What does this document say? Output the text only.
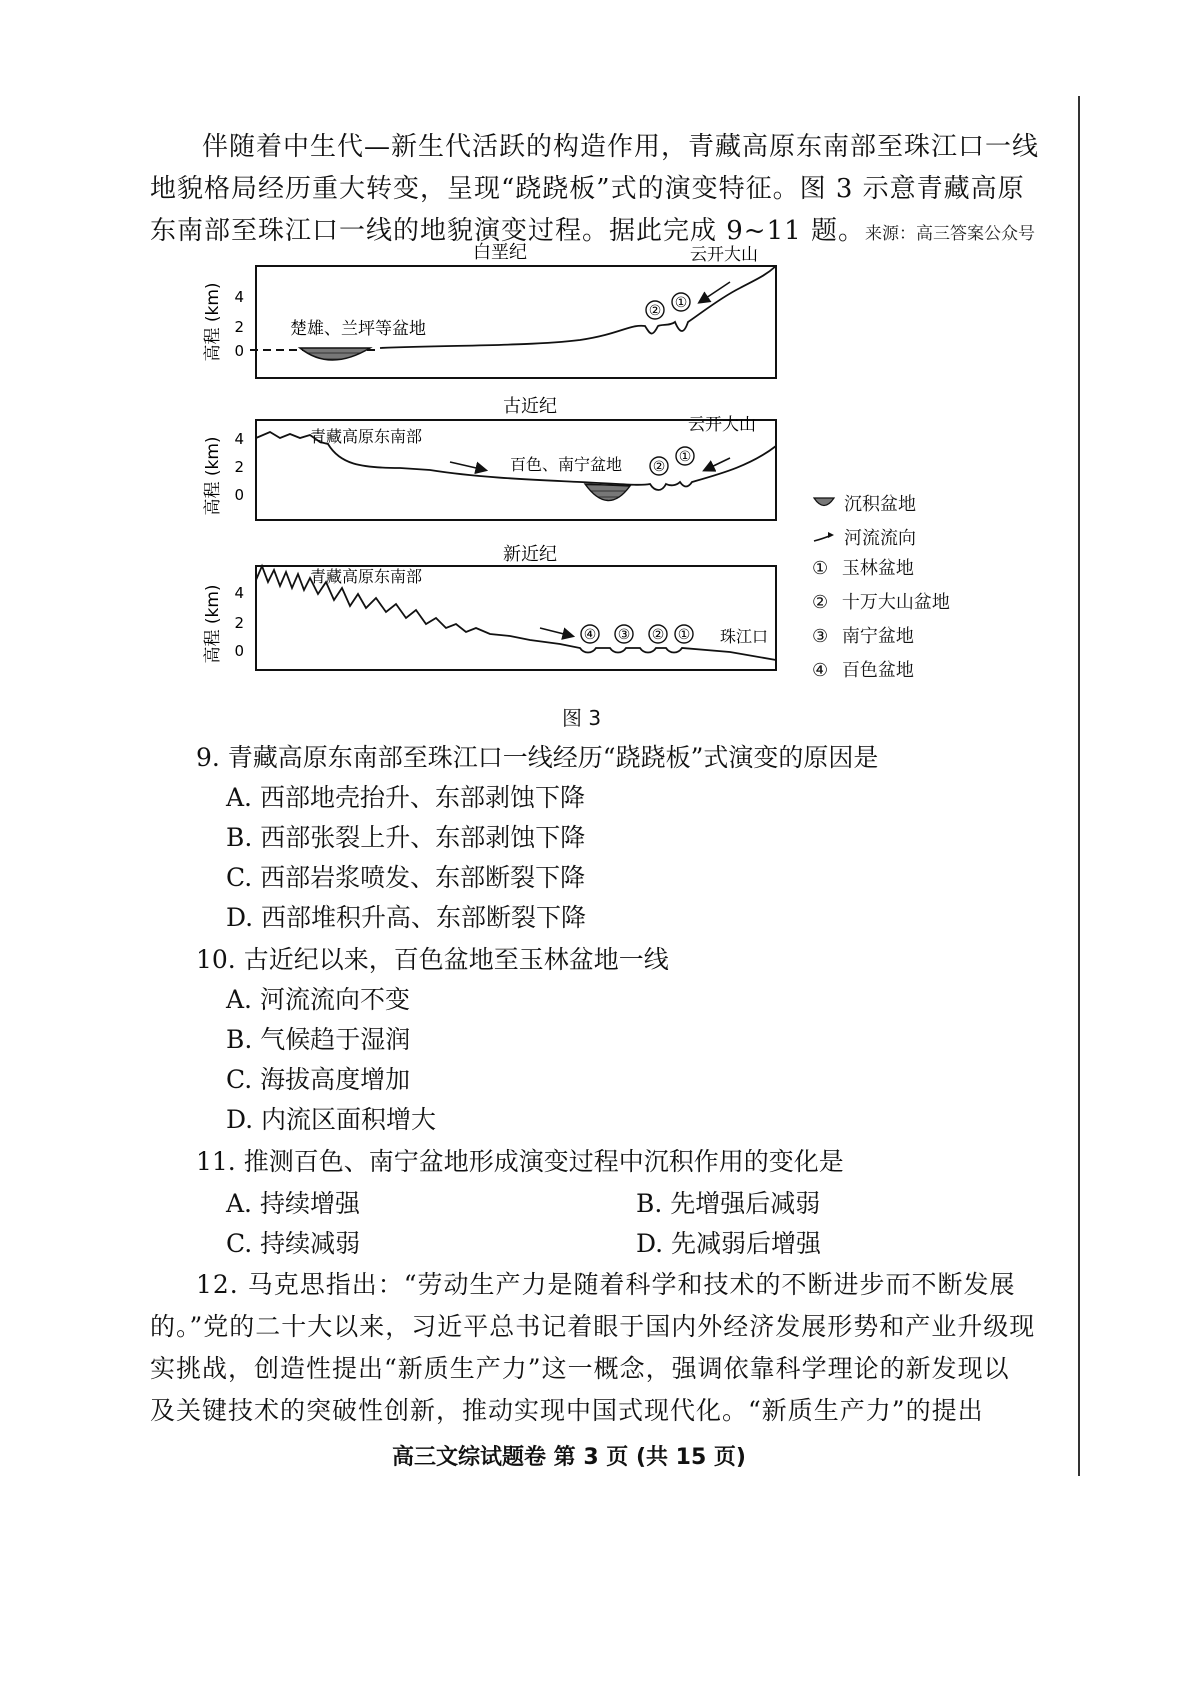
伴随着中生代—新生代活跃的构造作用，青藏高原东南部至珠江口一线
地貌格局经历重大转变，呈现“跷跷板”式的演变特征。图 3 示意青藏高原
东南部至珠江口一线的地貌演变过程。据此完成 9~11 题。来源：高三答案公众号
白垩纪
高程 (km) 4
2
0
楚雄、兰坪等盆地
云开大山
② ①
古近纪
高程 (km) 4
2
0
青藏高原东南部
百色、南宁盆地
云开大山
②
①
新近纪
高程 (km) 4
2
0
青藏高原东南部
珠江口
④ ③ ② ①
沉积盆地
河流流向
① 玉林盆地
② 十万大山盆地
③ 南宁盆地
④ 百色盆地
图 3
9. 青藏高原东南部至珠江口一线经历“跷跷板”式演变的原因是
A. 西部地壳抬升、东部剥蚀下降
B. 西部张裂上升、东部剥蚀下降
C. 西部岩浆喷发、东部断裂下降
D. 西部堆积升高、东部断裂下降
10. 古近纪以来，百色盆地至玉林盆地一线
A. 河流流向不变
B. 气候趋于湿润
C. 海拔高度增加
D. 内流区面积增大
11. 推测百色、南宁盆地形成演变过程中沉积作用的变化是
A. 持续增强	B. 先增强后减弱
C. 持续减弱	D. 先减弱后增强
12. 马克思指出：“劳动生产力是随着科学和技术的不断进步而不断发展
的。”党的二十大以来，习近平总书记着眼于国内外经济发展形势和产业升级现
实挑战，创造性提出“新质生产力”这一概念，强调依靠科学理论的新发现以
及关键技术的突破性创新，推动实现中国式现代化。“新质生产力”的提出
高三文综试题卷 第 3 页 (共 15 页)
